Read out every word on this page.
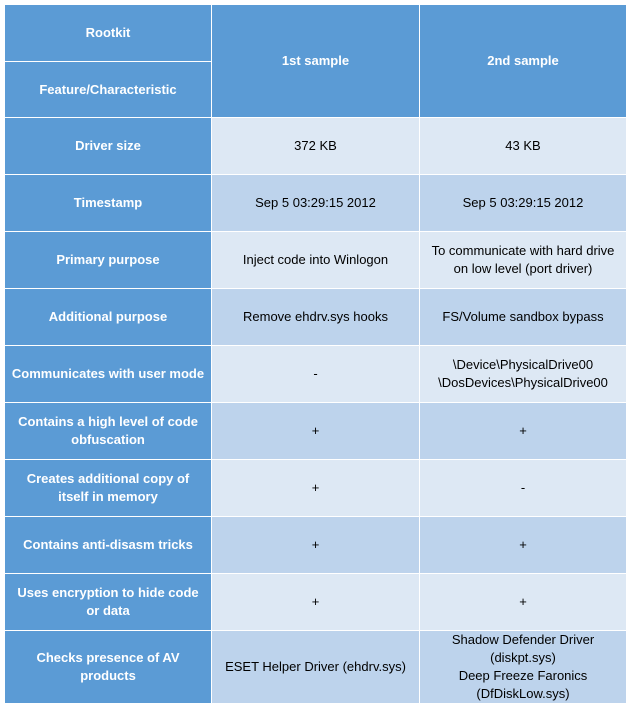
Rootkit	1st sample	2nd sample
Feature/Characteristic		
Driver size	372 KB	43 KB
Timestamp	Sep 5 03:29:15 2012	Sep 5 03:29:15 2012
Primary purpose	Inject code into Winlogon	To communicate with hard drive on low level (port driver)
Additional purpose	Remove ehdrv.sys hooks	FS/Volume sandbox bypass
Communicates with user mode	-	\Device\PhysicalDrive00
\DosDevices\PhysicalDrive00
Contains a high level of code obfuscation	+	+
Creates additional copy of itself in memory	+	-
Contains anti-disasm tricks	+	+
Uses encryption to hide code or data	+	+
Checks presence of AV products	ESET Helper Driver (ehdrv.sys)	Shadow Defender Driver (diskpt.sys)
Deep Freeze Faronics (DfDiskLow.sys)
